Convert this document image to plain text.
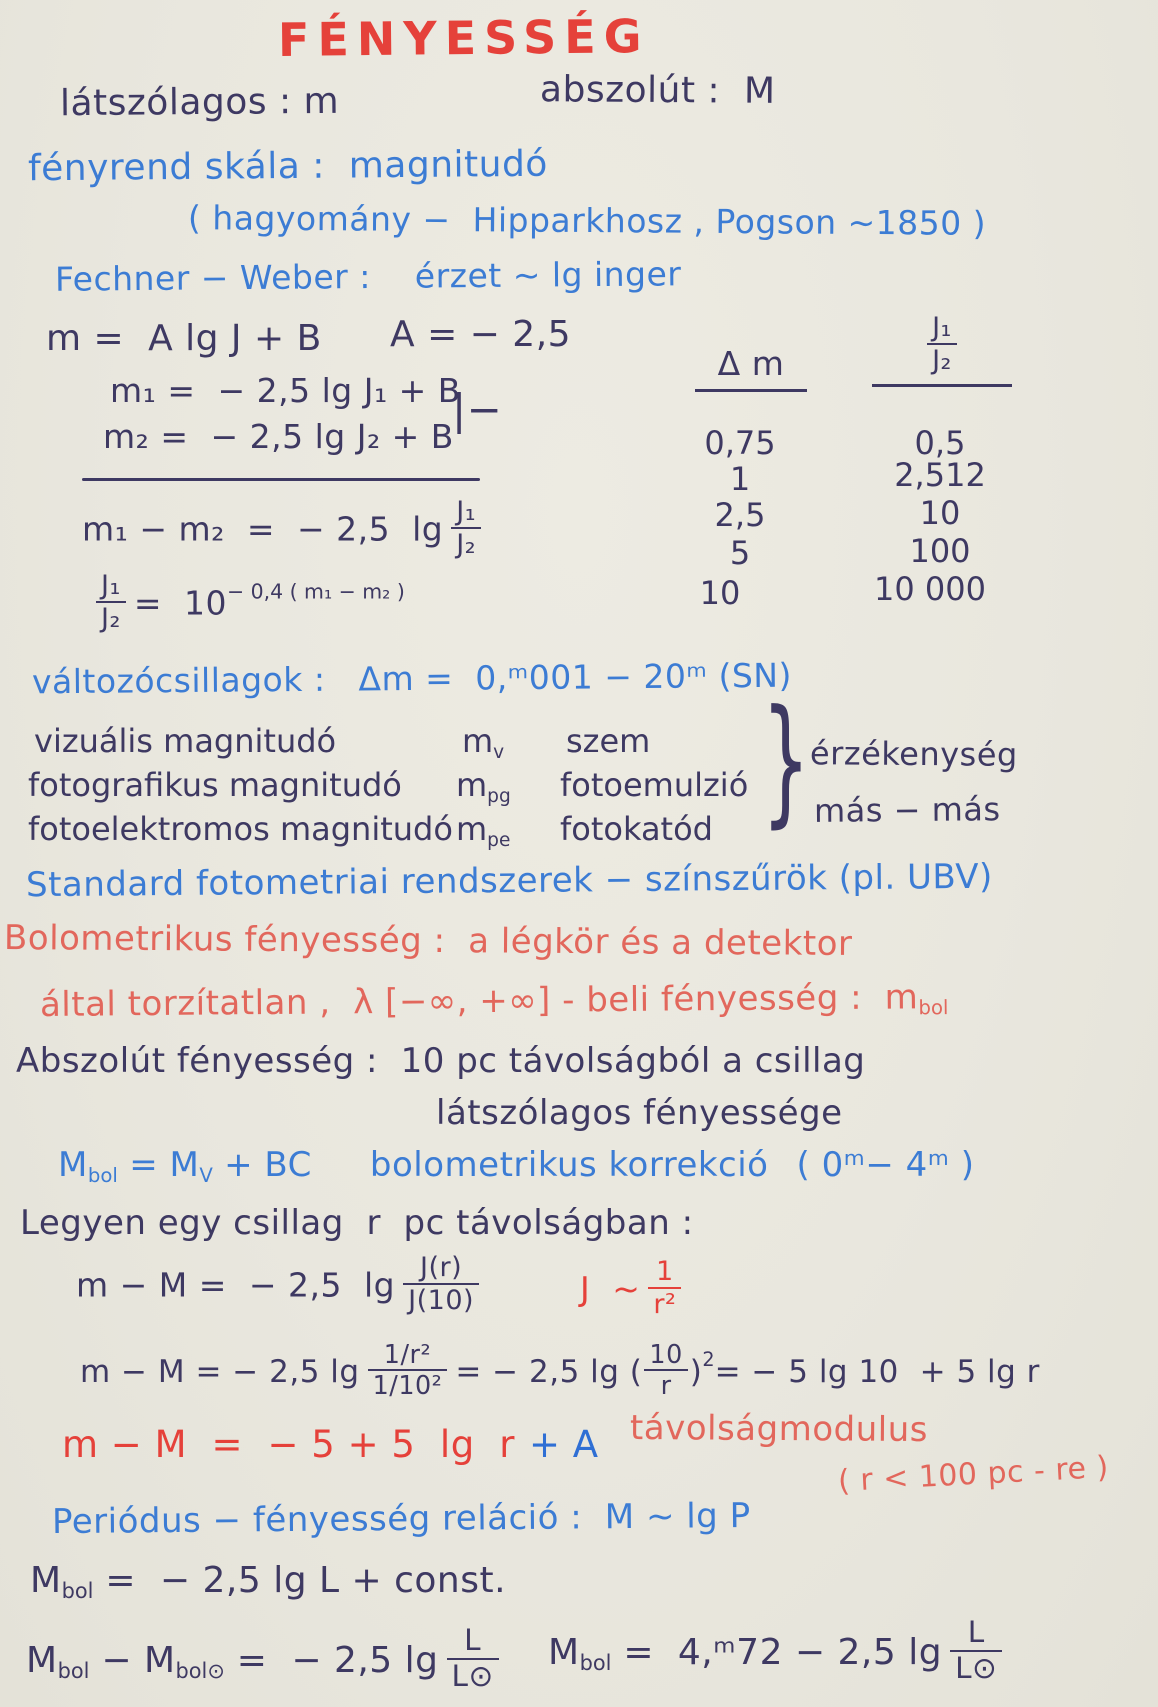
FÉNYESSÉG
látszólagos : m	abszolút :  M
fényrend skála :  magnitudó
( hagyomány −  Hipparkhosz , Pogson ~1850 )
Fechner − Weber :    érzet ~ lg inger
m =  A lg J + B A = − 2,5
m₁ =  − 2,5 lg J₁ + B
m₂ =  − 2,5 lg J₂ + B
|−
m₁ − m₂  =  − 2,5  $\lg \frac{\text{J₁}}{\text{J₂}}$
$\frac{\text{J₁}}{\text{J₂}} = 10^{- 0,4 ( m_1 - m_2 )}$
Δ m	$\frac{\text{J₁}}{\text{J₂}}$
0,75	0,5
1	2,512
2,5	10
5	100
10	10 000
változócsillagok :   Δm =  0,ᵐ001 − 20ᵐ (SN)
vizuális magnitudó	$m_v$	szem
fotografikus magnitudó	$m_{pg}$	fotoemulzió
fotoelektromos magnitudó $m_{pe}$	fotokatód } érzékenység
más − más
Standard fotometriai rendszerek − színszűrök (pl. UBV)
Bolometrikus fényesség :  a légkör és a detektor
által torzítatlan ,  λ [−∞, +∞] - beli fényesség :  $m_{bol}$
Abszolút fényesség :  10 pc távolságból a csillag
látszólagos fényessége
$M_{bol} = M_V$ + BC bolometrikus korrekció ( 0ᵐ− 4ᵐ )
Legyen egy csillag  r  pc távolságban :
m − M =  − 2,5  $\lg \frac{J(r)}{J(10)}$	J  ~ $\frac{1}{\text{r²}}$
m − M = − 2,5 $\lg \frac{\text{1/r²}}{\text{1/10²}}$ = − 2,5 lg ( $\frac{10}{r} )^2= - 5$ lg 10  + 5 lg r
m − M  =  − 5 + 5  lg  r + A távolságmodulus
( r < 100 pc - re )
Periódus − fényesség reláció :  M ~ lg P
$M_{bol}$ =  − 2,5 lg L + const.
$M_{bol} - M_{bol⊙}$ =  − 2,5 $\lg \frac{L}{L⊙} M_{bol}$ =  4,ᵐ72 − 2,5 $\lg \frac{L}{L⊙}$
